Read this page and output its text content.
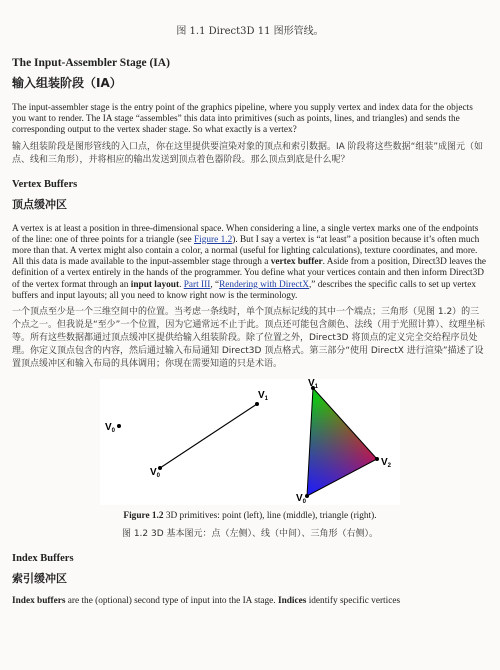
图 1.1 Direct3D 11 图形管线。
The Input-Assembler Stage (IA)
输入组装阶段（IA）

The input-assembler stage is the entry point of the graphics pipeline, where you supply vertex and index data for the objects you want to render. The IA stage “assembles” this data into primitives (such as points, lines, and triangles) and sends the corresponding output to the vertex shader stage. So what exactly is a vertex?

输入组装阶段是图形管线的入口点，你在这里提供要渲染对象的顶点和索引数据。IA 阶段将这些数据“组装”成图元（如点、线和三角形），并将相应的输出发送到顶点着色器阶段。那么顶点到底是什么呢？

Vertex Buffers
顶点缓冲区

A vertex is at least a position in three-dimensional space. When considering a line, a single vertex marks one of the endpoints of the line: one of three points for a triangle (see Figure 1.2). But I say a vertex is “at least” a position because it’s often much more than that. A vertex might also contain a color, a normal (useful for lighting calculations), texture coordinates, and more. All this data is made available to the input-assembler stage through a vertex buffer. Aside from a position, Direct3D leaves the definition of a vertex entirely in the hands of the programmer. You define what your vertices contain and then inform Direct3D of the vertex format through an input layout. Part III, “Rendering with DirectX,” describes the specific calls to set up vertex buffers and input layouts; all you need to know right now is the terminology.

一个顶点至少是一个三维空间中的位置。当考虑一条线时，单个顶点标记线的其中一个端点；三角形（见图 1.2）的三个点之一。但我说是“至少”一个位置，因为它通常远不止于此。顶点还可能包含颜色、法线（用于光照计算）、纹理坐标等。所有这些数据都通过顶点缓冲区提供给输入组装阶段。除了位置之外，Direct3D 将顶点的定义完全交给程序员处理。你定义顶点包含的内容，然后通过输入布局通知 Direct3D 顶点格式。第三部分“使用 DirectX 进行渲染”描述了设置顶点缓冲区和输入布局的具体调用；你现在需要知道的只是术语。

$V_0$
$V_0$
$V_1$
$V_0$
$V_1$
$V_2$
Figure 1.2 3D primitives: point (left), line (middle), triangle (right).
图 1.2 3D 基本图元：点（左侧）、线（中间）、三角形（右侧）。
Index Buffers
索引缓冲区

Index buffers are the (optional) second type of input into the IA stage. Indices identify specific vertices
